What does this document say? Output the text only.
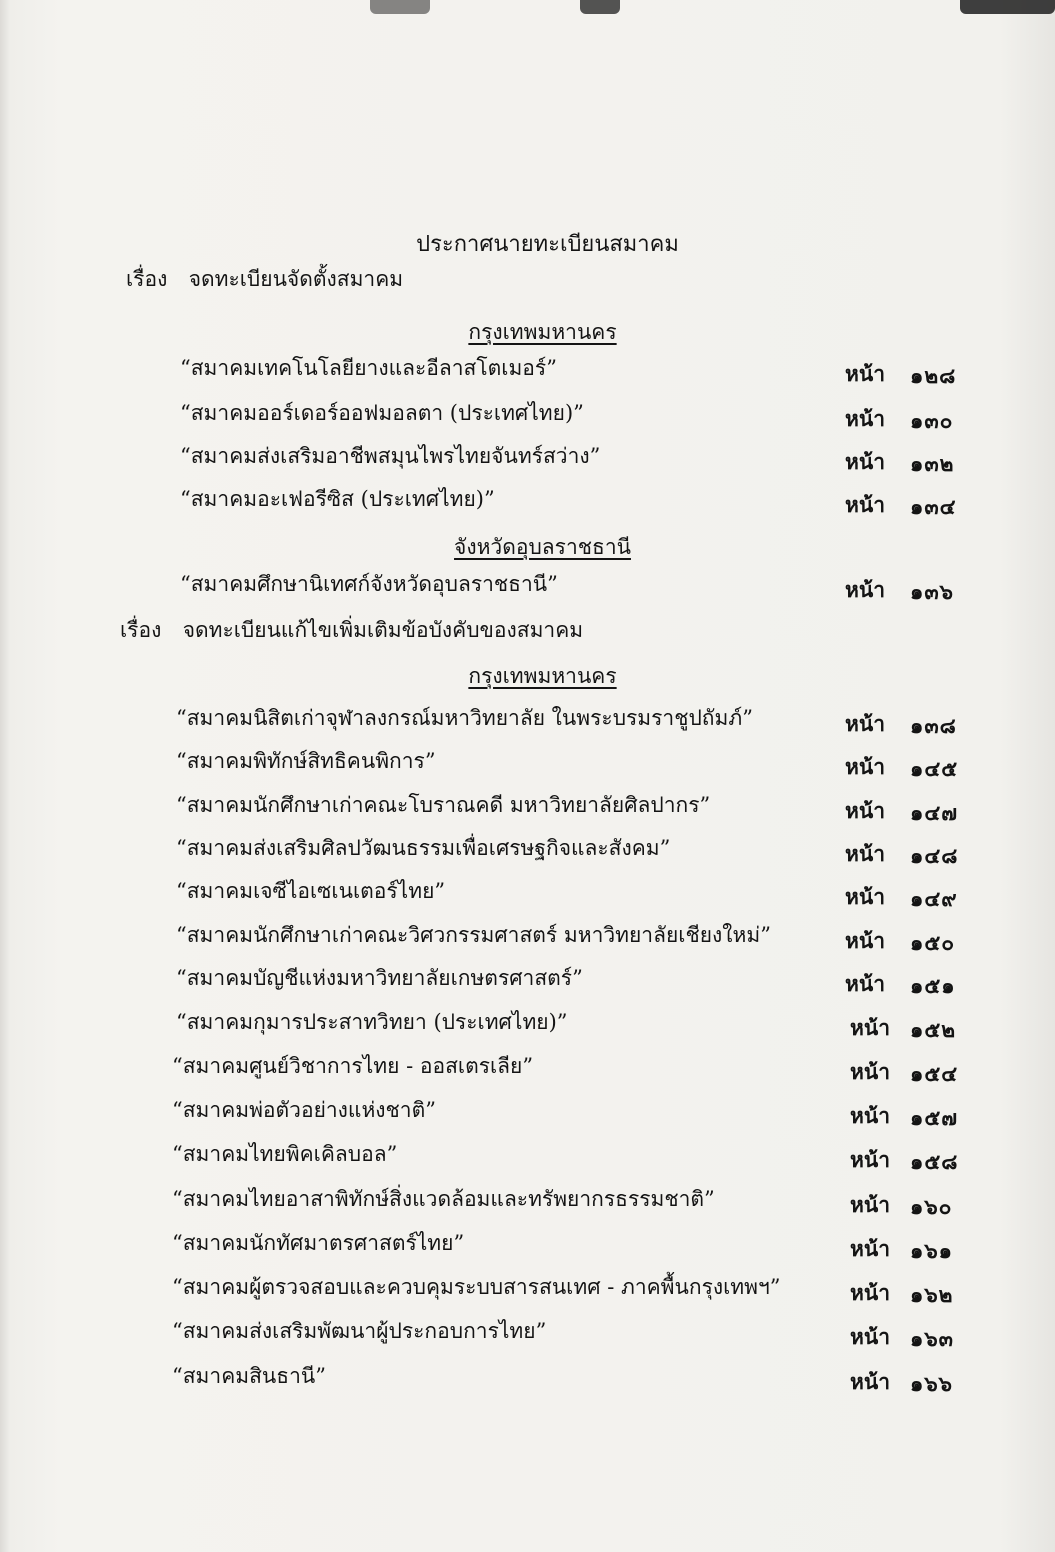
ประกาศนายทะเบียนสมาคม
เรื่อง จดทะเบียนจัดตั้งสมาคม
กรุงเทพมหานคร
จังหวัดอุบลราชธานี
เรื่อง จดทะเบียนแก้ไขเพิ่มเติมข้อบังคับของสมาคม
กรุงเทพมหานคร
“สมาคมเทคโนโลยียางและอีลาสโตเมอร์”	หน้า ๑๒๘
“สมาคมออร์เดอร์ออฟมอลตา (ประเทศไทย)”	หน้า ๑๓๐
“สมาคมส่งเสริมอาชีพสมุนไพรไทยจันทร์สว่าง”	หน้า ๑๓๒
“สมาคมอะเฟอรีซิส (ประเทศไทย)”	หน้า ๑๓๔
“สมาคมศึกษานิเทศก์จังหวัดอุบลราชธานี”	หน้า ๑๓๖
“สมาคมนิสิตเก่าจุฬาลงกรณ์มหาวิทยาลัย ในพระบรมราชูปถัมภ์”	หน้า ๑๓๘
“สมาคมพิทักษ์สิทธิคนพิการ”	หน้า ๑๔๕
“สมาคมนักศึกษาเก่าคณะโบราณคดี มหาวิทยาลัยศิลปากร”	หน้า ๑๔๗
“สมาคมส่งเสริมศิลปวัฒนธรรมเพื่อเศรษฐกิจและสังคม”	หน้า ๑๔๘
“สมาคมเจซีไอเซเนเตอร์ไทย”	หน้า ๑๔๙
“สมาคมนักศึกษาเก่าคณะวิศวกรรมศาสตร์ มหาวิทยาลัยเชียงใหม่”	หน้า ๑๕๐
“สมาคมบัญชีแห่งมหาวิทยาลัยเกษตรศาสตร์”	หน้า ๑๕๑
“สมาคมกุมารประสาทวิทยา (ประเทศไทย)”	หน้า ๑๕๒
“สมาคมศูนย์วิชาการไทย - ออสเตรเลีย”	หน้า ๑๕๔
“สมาคมพ่อตัวอย่างแห่งชาติ”	หน้า ๑๕๗
“สมาคมไทยพิคเคิลบอล”	หน้า ๑๕๘
“สมาคมไทยอาสาพิทักษ์สิ่งแวดล้อมและทรัพยากรธรรมชาติ”	หน้า ๑๖๐
“สมาคมนักทัศมาตรศาสตร์ไทย”	หน้า ๑๖๑
“สมาคมผู้ตรวจสอบและควบคุมระบบสารสนเทศ - ภาคพื้นกรุงเทพฯ”	หน้า ๑๖๒
“สมาคมส่งเสริมพัฒนาผู้ประกอบการไทย”	หน้า ๑๖๓
“สมาคมสินธานี”	หน้า ๑๖๖
